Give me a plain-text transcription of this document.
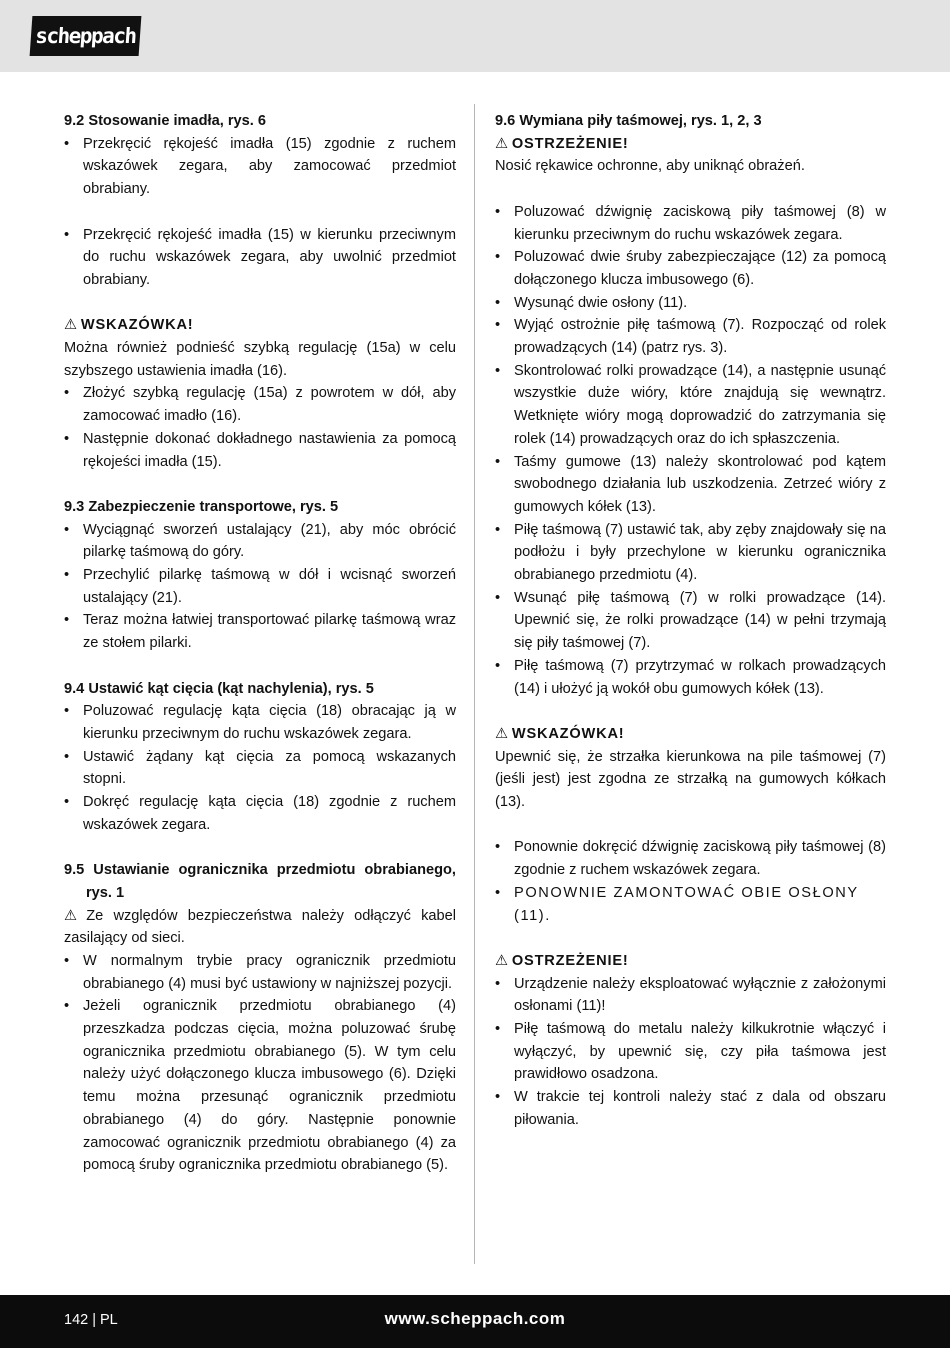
scheppach
9.2 Stosowanie imadła, rys. 6
• Przekręcić rękojeść imadła (15) zgodnie z ruchem wskazówek zegara, aby zamocować przedmiot obrabiany.
• Przekręcić rękojeść imadła (15) w kierunku przeciwnym do ruchu wskazówek zegara, aby uwolnić przedmiot obrabiany.
⚠ WSKAZÓWKA!

Można również podnieść szybką regulację (15a) w celu szybszego ustawienia imadła (16).

• Złożyć szybką regulację (15a) z powrotem w dół, aby zamocować imadło (16).
• Następnie dokonać dokładnego nastawienia za pomocą rękojeści imadła (15).
9.3 Zabezpieczenie transportowe, rys. 5
• Wyciągnąć sworzeń ustalający (21), aby móc obrócić pilarkę taśmową do góry.
• Przechylić pilarkę taśmową w dół i wcisnąć sworzeń ustalający (21).
• Teraz można łatwiej transportować pilarkę taśmową wraz ze stołem pilarki.
9.4 Ustawić kąt cięcia (kąt nachylenia), rys. 5
• Poluzować regulację kąta cięcia (18) obracając ją w kierunku przeciwnym do ruchu wskazówek zegara.
• Ustawić żądany kąt cięcia za pomocą wskazanych stopni.
• Dokręć regulację kąta cięcia (18) zgodnie z ruchem wskazówek zegara.
9.5 Ustawianie ogranicznika przedmiotu obrabianego, rys. 1

⚠ Ze względów bezpieczeństwa należy odłączyć kabel zasilający od sieci.

• W normalnym trybie pracy ogranicznik przedmiotu obrabianego (4) musi być ustawiony w najniższej pozycji.
• Jeżeli ogranicznik przedmiotu obrabianego (4) przeszkadza podczas cięcia, można poluzować śrubę ogranicznika przedmiotu obrabianego (5). W tym celu należy użyć dołączonego klucza imbusowego (6). Dzięki temu można przesunąć ogranicznik przedmiotu obrabianego (4) do góry. Następnie ponownie zamocować ogranicznik przedmiotu obrabianego (4) za pomocą śruby ogranicznika przedmiotu obrabianego (5).
9.6 Wymiana piły taśmowej, rys. 1, 2, 3
⚠ OSTRZEŻENIE!

Nosić rękawice ochronne, aby uniknąć obrażeń.

• Poluzować dźwignię zaciskową piły taśmowej (8) w kierunku przeciwnym do ruchu wskazówek zegara.
• Poluzować dwie śruby zabezpieczające (12) za pomocą dołączonego klucza imbusowego (6).
• Wysunąć dwie osłony (11).
• Wyjąć ostrożnie piłę taśmową (7). Rozpocząć od rolek prowadzących (14) (patrz rys. 3).
• Skontrolować rolki prowadzące (14), a następnie usunąć wszystkie duże wióry, które znajdują się wewnątrz. Wetknięte wióry mogą doprowadzić do zatrzymania się rolek (14) prowadzących oraz do ich spłaszczenia.
• Taśmy gumowe (13) należy skontrolować pod kątem swobodnego działania lub uszkodzenia. Zetrzeć wióry z gumowych kółek (13).
• Piłę taśmową (7) ustawić tak, aby zęby znajdowały się na podłożu i były przechylone w kierunku ogranicznika obrabianego przedmiotu (4).
• Wsunąć piłę taśmową (7) w rolki prowadzące (14). Upewnić się, że rolki prowadzące (14) w pełni trzymają się piły taśmowej (7).
• Piłę taśmową (7) przytrzymać w rolkach prowadzących (14) i ułożyć ją wokół obu gumowych kółek (13).
⚠ WSKAZÓWKA!

Upewnić się, że strzałka kierunkowa na pile taśmowej (7) (jeśli jest) jest zgodna ze strzałką na gumowych kółkach (13).

• Ponownie dokręcić dźwignię zaciskową piły taśmowej (8) zgodnie z ruchem wskazówek zegara.
• PONOWNIE ZAMONTOWAĆ OBIE OSŁONY (11).
⚠ OSTRZEŻENIE!
• Urządzenie należy eksploatować wyłącznie z założonymi osłonami (11)!
• Piłę taśmową do metalu należy kilkukrotnie włączyć i wyłączyć, by upewnić się, czy piła taśmowa jest prawidłowo osadzona.
• W trakcie tej kontroli należy stać z dala od obszaru piłowania.
142 | PL	www.scheppach.com
